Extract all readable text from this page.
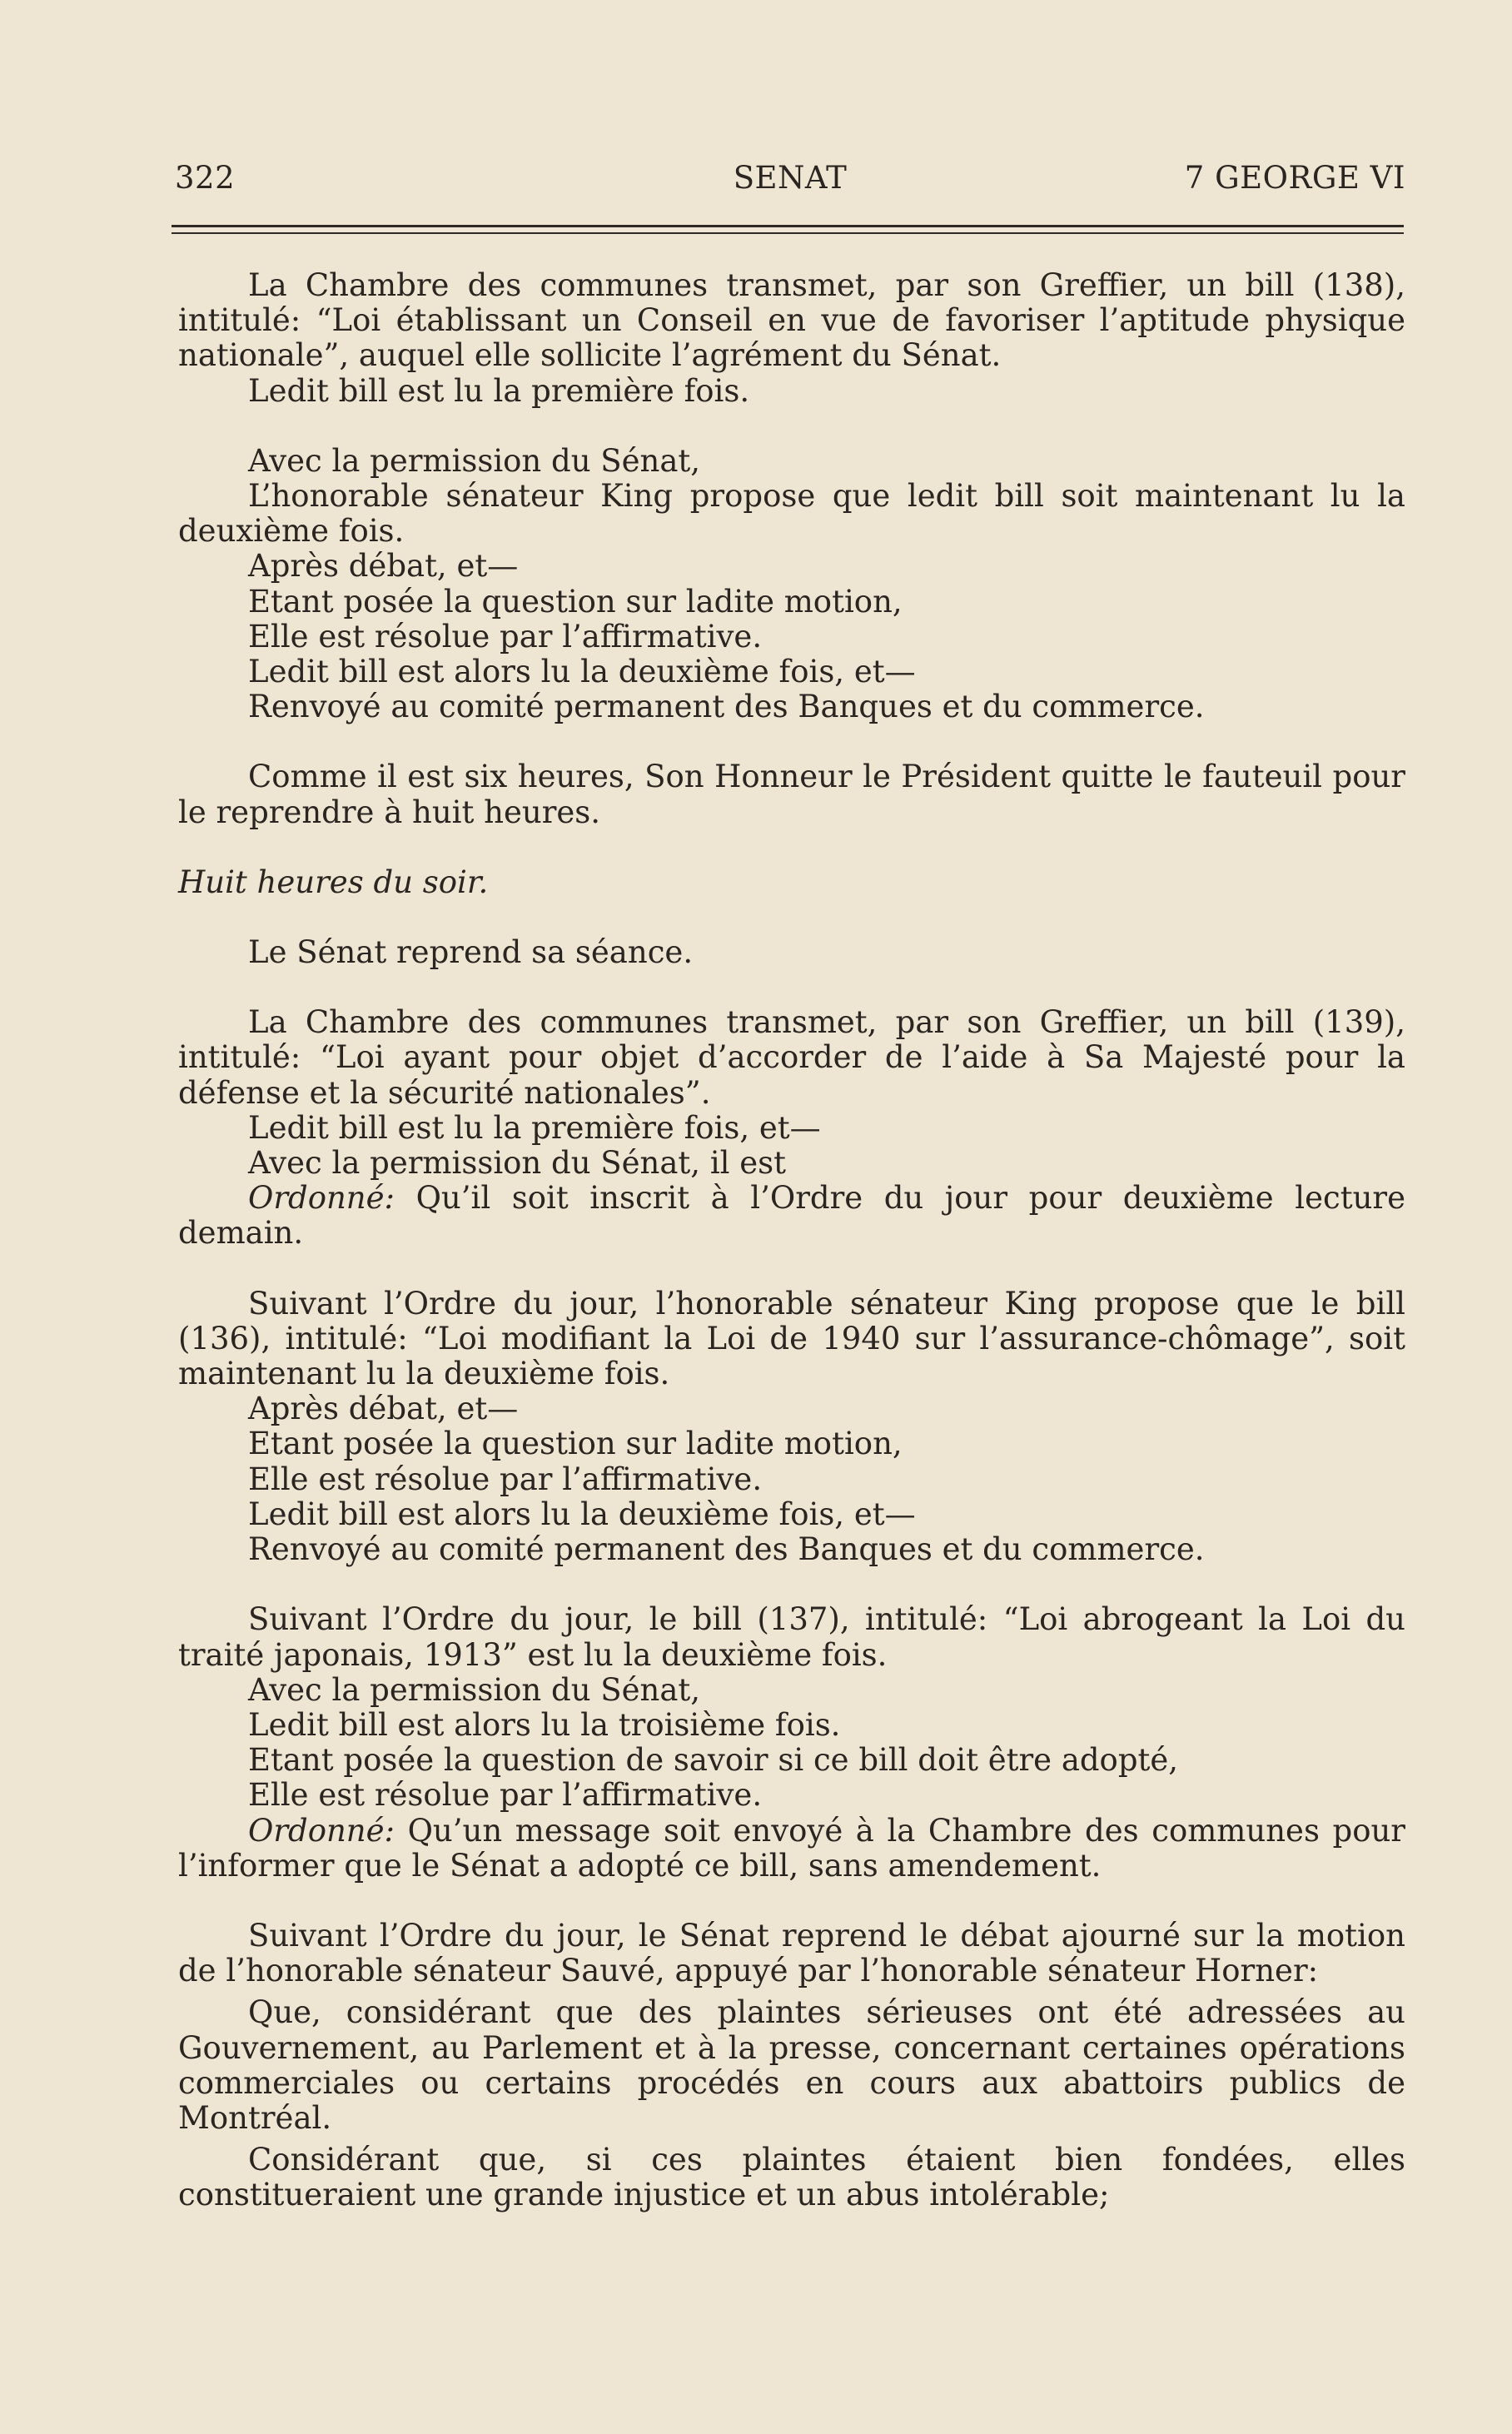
322	SENAT	7 GEORGE VI

La Chambre des communes transmet, par son Greffier, un bill (138), intitulé: “Loi établissant un Conseil en vue de favoriser l’aptitude physique nationale”, auquel elle sollicite l’agrément du Sénat.

Ledit bill est lu la première fois.

Avec la permission du Sénat,

L’honorable sénateur King propose que ledit bill soit maintenant lu la deuxième fois.

Après débat, et—

Etant posée la question sur ladite motion,

Elle est résolue par l’affirmative.

Ledit bill est alors lu la deuxième fois, et—

Renvoyé au comité permanent des Banques et du commerce.

Comme il est six heures, Son Honneur le Président quitte le fauteuil pour le reprendre à huit heures.

Huit heures du soir.

Le Sénat reprend sa séance.

La Chambre des communes transmet, par son Greffier, un bill (139), intitulé: “Loi ayant pour objet d’accorder de l’aide à Sa Majesté pour la défense et la sécurité nationales”.

Ledit bill est lu la première fois, et—

Avec la permission du Sénat, il est

Ordonné: Qu’il soit inscrit à l’Ordre du jour pour deuxième lecture demain.

Suivant l’Ordre du jour, l’honorable sénateur King propose que le bill (136), intitulé: “Loi modifiant la Loi de 1940 sur l’assurance-chômage”, soit maintenant lu la deuxième fois.

Après débat, et—

Etant posée la question sur ladite motion,

Elle est résolue par l’affirmative.

Ledit bill est alors lu la deuxième fois, et—

Renvoyé au comité permanent des Banques et du commerce.

Suivant l’Ordre du jour, le bill (137), intitulé: “Loi abrogeant la Loi du traité japonais, 1913” est lu la deuxième fois.

Avec la permission du Sénat,

Ledit bill est alors lu la troisième fois.

Etant posée la question de savoir si ce bill doit être adopté,

Elle est résolue par l’affirmative.

Ordonné: Qu’un message soit envoyé à la Chambre des communes pour l’informer que le Sénat a adopté ce bill, sans amendement.

Suivant l’Ordre du jour, le Sénat reprend le débat ajourné sur la motion de l’honorable sénateur Sauvé, appuyé par l’honorable sénateur Horner:

Que, considérant que des plaintes sérieuses ont été adressées au Gouvernement, au Parlement et à la presse, concernant certaines opérations commerciales ou certains procédés en cours aux abattoirs publics de Montréal.

Considérant que, si ces plaintes étaient bien fondées, elles constitueraient une grande injustice et un abus intolérable;
